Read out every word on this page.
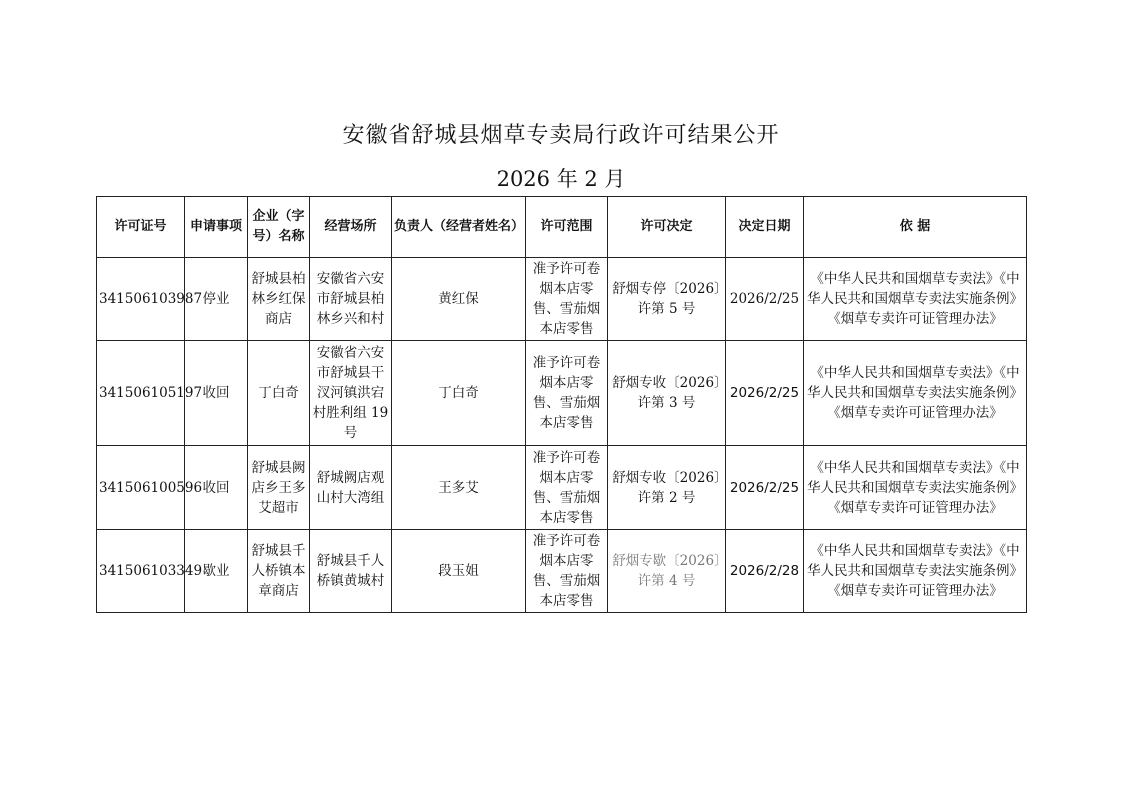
安徽省舒城县烟草专卖局行政许可结果公开
2026 年 2 月
许可证号	申请事项	企业（字号）名称	经营场所	负责人（经营者姓名）	许可范围	许可决定	决定日期	依 据
341506103987	停业	舒城县柏林乡红保商店	安徽省六安市舒城县柏林乡兴和村	黄红保	准予许可卷烟本店零售、雪茄烟本店零售	舒烟专停〔2026〕许第 5 号	2026/2/25	《中华人民共和国烟草专卖法》《中华人民共和国烟草专卖法实施条例》《烟草专卖许可证管理办法》
341506105197	收回	丁白奇	安徽省六安市舒城县干汊河镇洪宕村胜利组 19 号	丁白奇	准予许可卷烟本店零售、雪茄烟本店零售	舒烟专收〔2026〕许第 3 号	2026/2/25	《中华人民共和国烟草专卖法》《中华人民共和国烟草专卖法实施条例》《烟草专卖许可证管理办法》
341506100596	收回	舒城县阙店乡王多艾超市	舒城阙店观山村大湾组	王多艾	准予许可卷烟本店零售、雪茄烟本店零售	舒烟专收〔2026〕许第 2 号	2026/2/25	《中华人民共和国烟草专卖法》《中华人民共和国烟草专卖法实施条例》《烟草专卖许可证管理办法》
341506103349	歇业	舒城县千人桥镇本章商店	舒城县千人桥镇黄城村	段玉姐	准予许可卷烟本店零售、雪茄烟本店零售	舒烟专歇〔2026〕许第 4 号	2026/2/28	《中华人民共和国烟草专卖法》《中华人民共和国烟草专卖法实施条例》《烟草专卖许可证管理办法》
